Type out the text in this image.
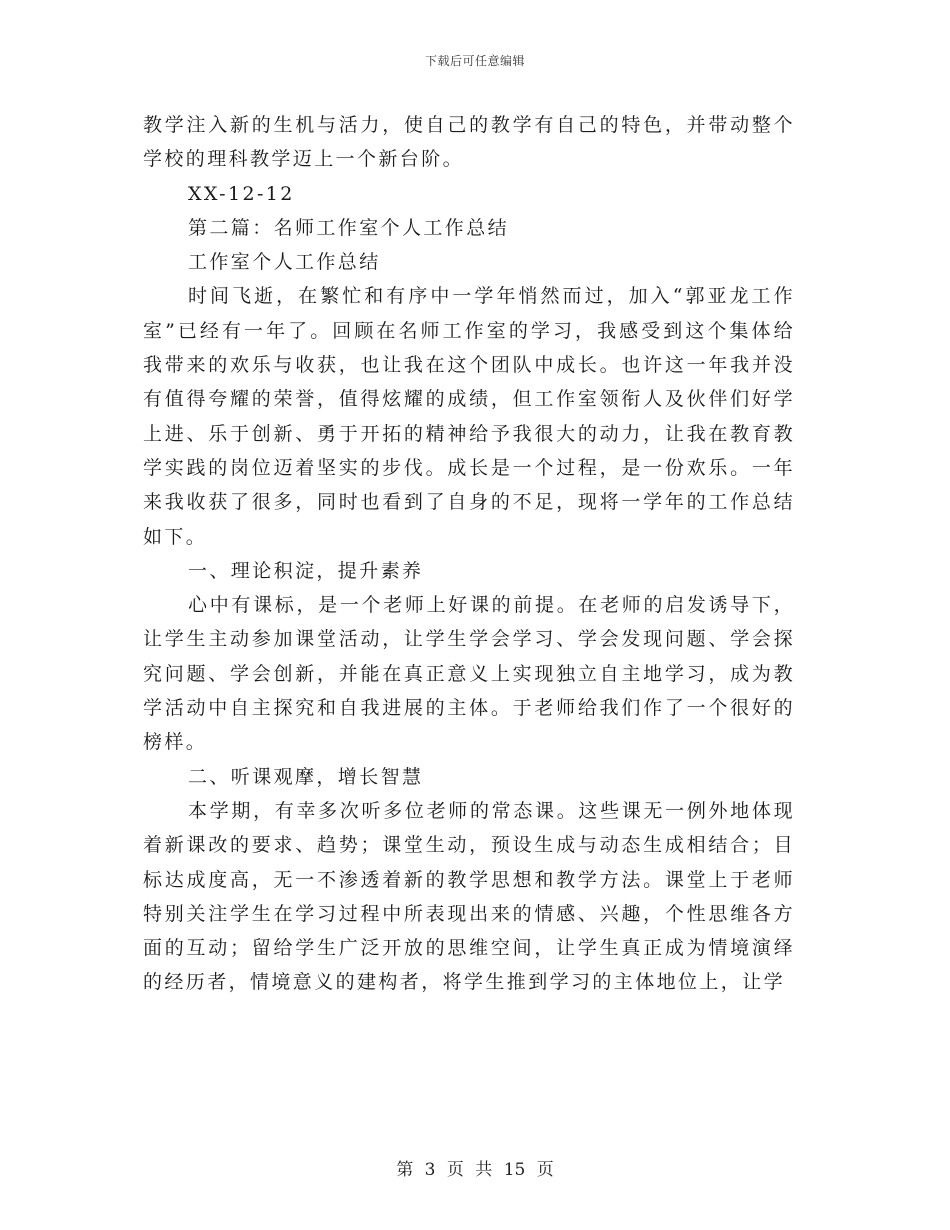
下载后可任意编辑

教学注入新的生机与活力，使自己的教学有自己的特色，并带动整个学校的理科教学迈上一个新台阶。

XX-12-12

第二篇：名师工作室个人工作总结

工作室个人工作总结

时间飞逝，在繁忙和有序中一学年悄然而过，加入“郭亚龙工作室”已经有一年了。回顾在名师工作室的学习，我感受到这个集体给我带来的欢乐与收获，也让我在这个团队中成长。也许这一年我并没有值得夸耀的荣誉，值得炫耀的成绩，但工作室领衔人及伙伴们好学上进、乐于创新、勇于开拓的精神给予我很大的动力，让我在教育教学实践的岗位迈着坚实的步伐。成长是一个过程，是一份欢乐。一年来我收获了很多，同时也看到了自身的不足，现将一学年的工作总结如下。

一、理论积淀，提升素养

心中有课标，是一个老师上好课的前提。在老师的启发诱导下，让学生主动参加课堂活动，让学生学会学习、学会发现问题、学会探究问题、学会创新，并能在真正意义上实现独立自主地学习，成为教学活动中自主探究和自我进展的主体。于老师给我们作了一个很好的榜样。

二、听课观摩，增长智慧

本学期，有幸多次听多位老师的常态课。这些课无一例外地体现着新课改的要求、趋势；课堂生动，预设生成与动态生成相结合；目标达成度高，无一不渗透着新的教学思想和教学方法。课堂上于老师特别关注学生在学习过程中所表现出来的情感、兴趣，个性思维各方面的互动；留给学生广泛开放的思维空间，让学生真正成为情境演绎的经历者，情境意义的建构者，将学生推到学习的主体地位上，让学

第 3 页 共 15 页
